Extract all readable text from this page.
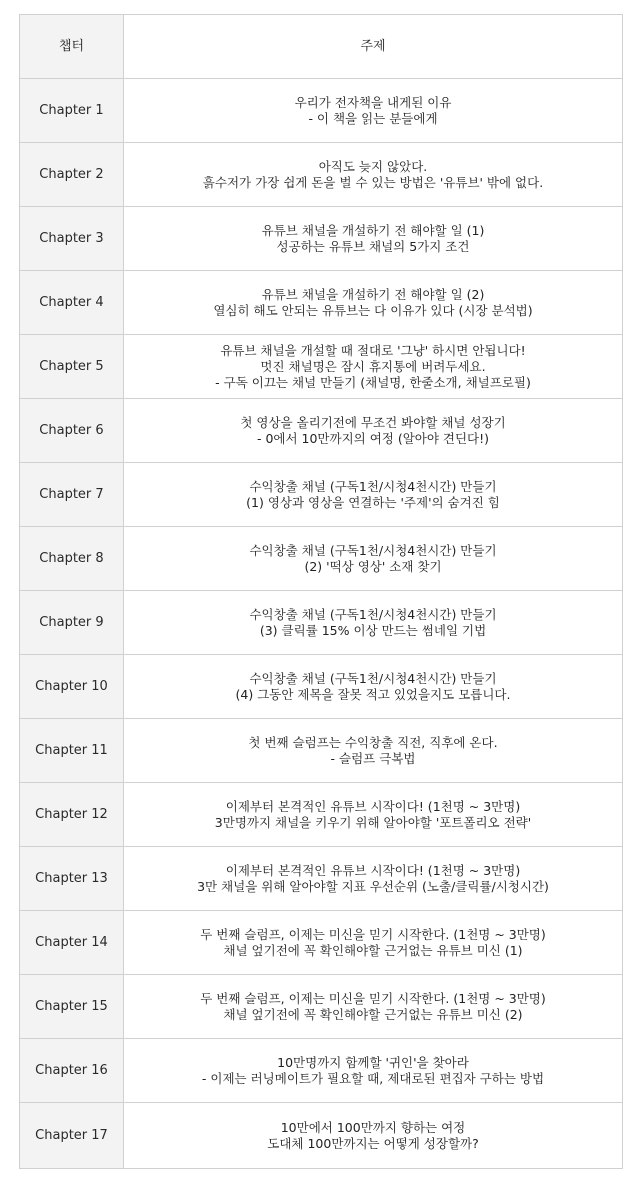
챕터	주제
Chapter 1	우리가 전자책을 내게된 이유
- 이 책을 읽는 분들에게

Chapter 2	아직도 늦지 않았다.
흙수저가 가장 쉽게 돈을 벌 수 있는 방법은 '유튜브' 밖에 없다.

Chapter 3	유튜브 채널을 개설하기 전 해야할 일 (1)
성공하는 유튜브 채널의 5가지 조건

Chapter 4	유튜브 채널을 개설하기 전 해야할 일 (2)
열심히 해도 안되는 유튜브는 다 이유가 있다 (시장 분석법)

Chapter 5	유튜브 채널을 개설할 때 절대로 '그냥' 하시면 안됩니다!
멋진 채널명은 잠시 휴지통에 버려두세요.
- 구독 이끄는 채널 만들기 (채널명, 한줄소개, 채널프로필)

Chapter 6	첫 영상을 올리기전에 무조건 봐야할 채널 성장기
- 0에서 10만까지의 여정 (알아야 견딘다!)

Chapter 7	수익창출 채널 (구독1천/시청4천시간) 만들기
(1) 영상과 영상을 연결하는 '주제'의 숨겨진 힘

Chapter 8	수익창출 채널 (구독1천/시청4천시간) 만들기
(2) '떡상 영상' 소재 찾기

Chapter 9	수익창출 채널 (구독1천/시청4천시간) 만들기
(3) 클릭률 15% 이상 만드는 썸네일 기법

Chapter 10	수익창출 채널 (구독1천/시청4천시간) 만들기
(4) 그동안 제목을 잘못 적고 있었을지도 모릅니다.

Chapter 11	첫 번째 슬럼프는 수익창출 직전, 직후에 온다.
- 슬럼프 극복법

Chapter 12	이제부터 본격적인 유튜브 시작이다! (1천명 ~ 3만명)
3만명까지 채널을 키우기 위해 알아야할 '포트폴리오 전략'

Chapter 13	이제부터 본격적인 유튜브 시작이다! (1천명 ~ 3만명)
3만 채널을 위해 알아야할 지표 우선순위 (노출/클릭률/시청시간)

Chapter 14	두 번째 슬럼프, 이제는 미신을 믿기 시작한다. (1천명 ~ 3만명)
채널 엎기전에 꼭 확인해야할 근거없는 유튜브 미신 (1)

Chapter 15	두 번째 슬럼프, 이제는 미신을 믿기 시작한다. (1천명 ~ 3만명)
채널 엎기전에 꼭 확인해야할 근거없는 유튜브 미신 (2)

Chapter 16	10만명까지 함께할 '귀인'을 찾아라
- 이제는 러닝메이트가 필요할 때, 제대로된 편집자 구하는 방법

Chapter 17	10만에서 100만까지 향하는 여정
도대체 100만까지는 어떻게 성장할까?
